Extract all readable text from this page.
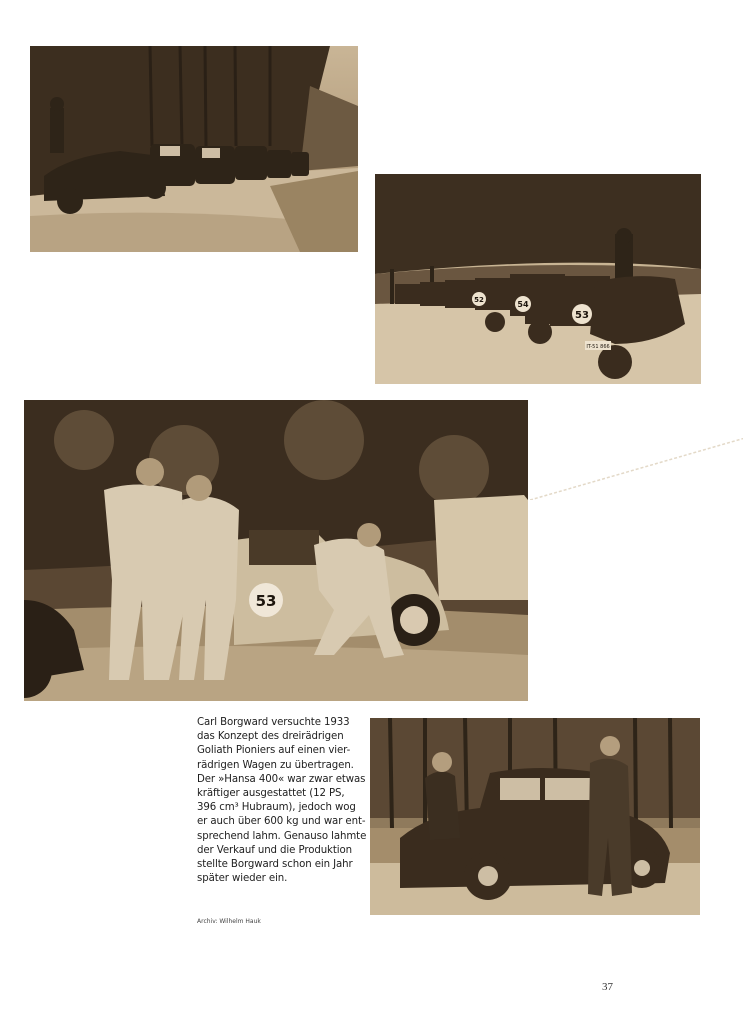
52	54
53
IT-51 866
53
Carl Borgward versuchte 1933
das Konzept des dreirädrigen
Goliath Pioniers auf einen vier-
rädrigen Wagen zu übertragen.
Der »Hansa 400« war zwar etwas
kräftiger ausgestattet (12 PS,
396 cm³ Hubraum), jedoch wog
er auch über 600 kg und war ent-
sprechend lahm. Genauso lahmte
der Verkauf und die Produktion
stellte Borgward schon ein Jahr
später wieder ein.
Archiv: Wilhelm Hauk
37
